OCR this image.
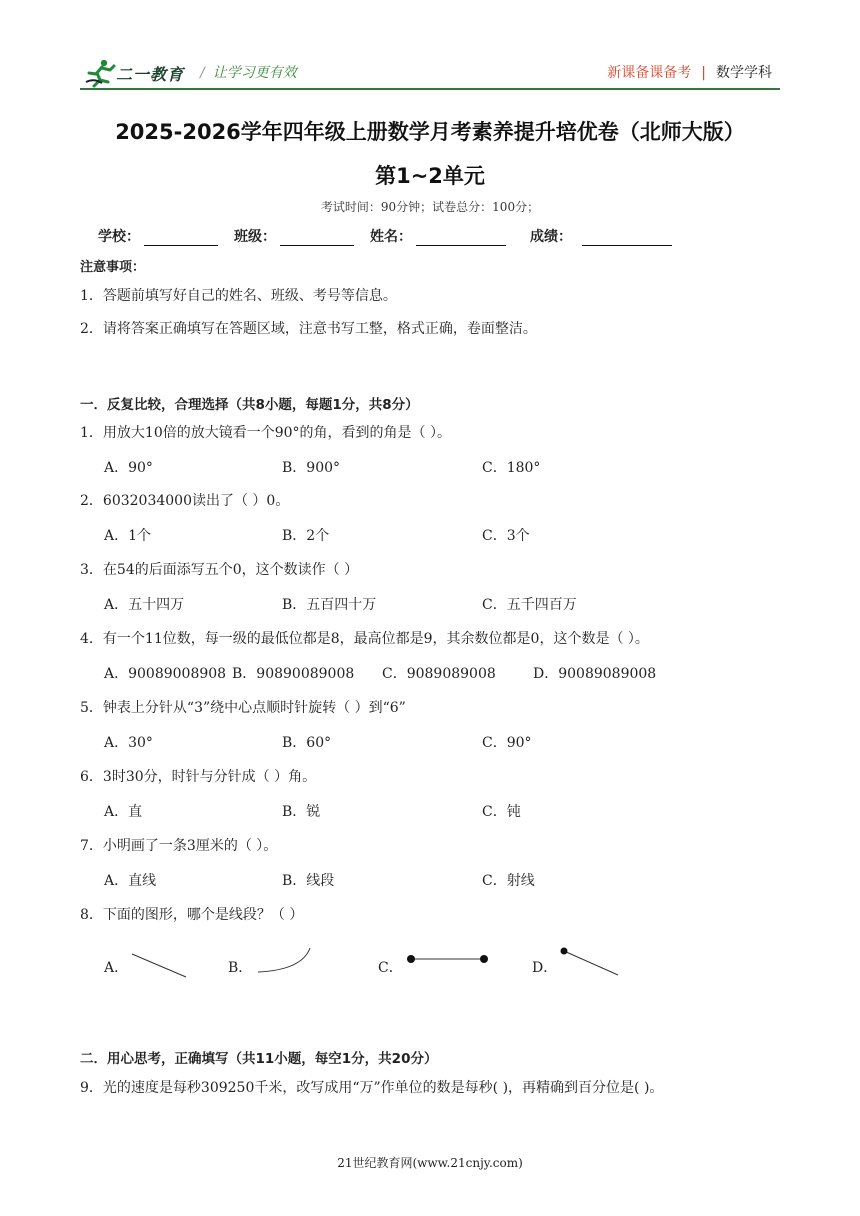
二一教育 / 让学习更有效	新课备课备考 | 数学学科
2025-2026学年四年级上册数学月考素养提升培优卷（北师大版）
第1~2单元
考试时间：90分钟；试卷总分：100分；
学校：	班级：	姓名：	成绩：
注意事项：
1．答题前填写好自己的姓名、班级、考号等信息。
2．请将答案正确填写在答题区域，注意书写工整，格式正确，卷面整洁。
一．反复比较，合理选择（共8小题，每题1分，共8分）
1．用放大10倍的放大镜看一个90°的角，看到的角是（ ）。
A．90°	B．900°	C．180°
2．6032034000读出了（ ）0。
A．1个	B．2个	C．3个
3．在54的后面添写五个0，这个数读作（ ）
A．五十四万	B．五百四十万	C．五千四百万
4．有一个11位数，每一级的最低位都是8，最高位都是9，其余数位都是0，这个数是（ ）。
A．90089008908 B．90890089008 C．9089089008	D．90089089008
5．钟表上分针从“3”绕中心点顺时针旋转（ ）到“6”
A．30°	B．60°	C．90°
6．3时30分，时针与分针成（ ）角。
A．直	B．锐	C．钝
7．小明画了一条3厘米的（ ）。
A．直线	B．线段	C．射线
8．下面的图形，哪个是线段？（ ）
A．	B．	C．	D．
二．用心思考，正确填写（共11小题，每空1分，共20分）
9．光的速度是每秒309250千米，改写成用“万”作单位的数是每秒( )，再精确到百分位是( )。
21世纪教育网(www.21cnjy.com)
